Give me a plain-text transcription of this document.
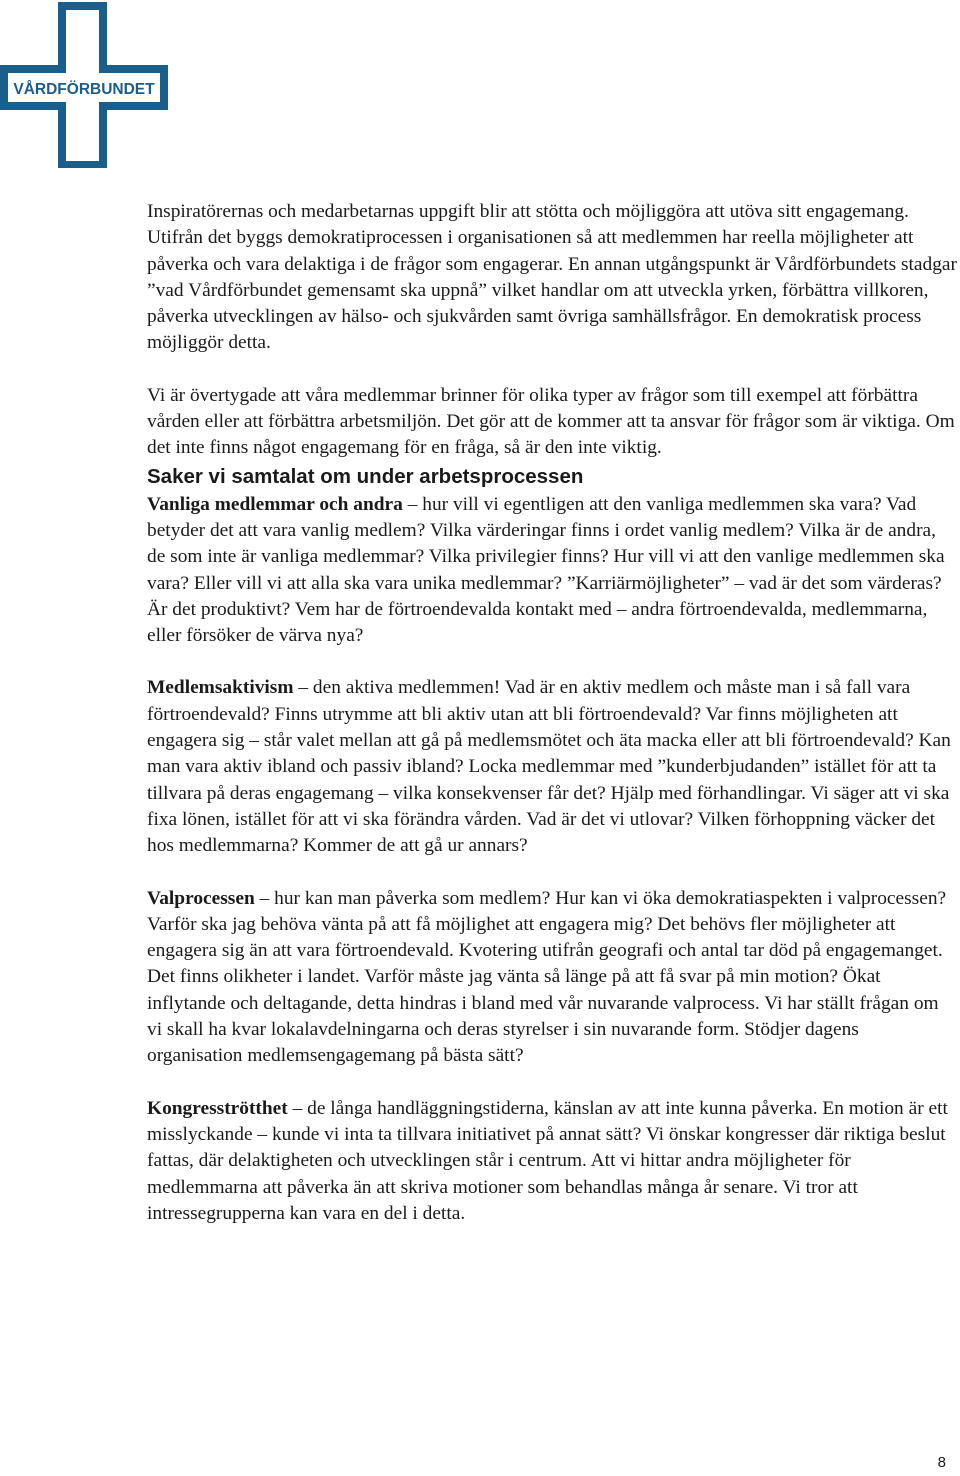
VÅRDFÖRBUNDET

Inspiratörernas och medarbetarnas uppgift blir att stötta och möjliggöra att utöva sitt engagemang. Utifrån det byggs demokratiprocessen i organisationen så att medlemmen har reella möjligheter att påverka och vara delaktiga i de frågor som engagerar. En annan utgångspunkt är Vårdförbundets stadgar ”vad Vårdförbundet gemensamt ska uppnå” vilket handlar om att utveckla yrken, förbättra villkoren, påverka utvecklingen av hälso- och sjukvården samt övriga samhällsfrågor. En demokratisk process möjliggör detta.

Vi är övertygade att våra medlemmar brinner för olika typer av frågor som till exempel att förbättra vården eller att förbättra arbetsmiljön. Det gör att de kommer att ta ansvar för frågor som är viktiga. Om det inte finns något engagemang för en fråga, så är den inte viktig.

Saker vi samtalat om under arbetsprocessen

Vanliga medlemmar och andra – hur vill vi egentligen att den vanliga medlemmen ska vara? Vad betyder det att vara vanlig medlem? Vilka värderingar finns i ordet vanlig medlem? Vilka är de andra, de som inte är vanliga medlemmar? Vilka privilegier finns? Hur vill vi att den vanlige medlemmen ska vara? Eller vill vi att alla ska vara unika medlemmar? ”Karriärmöjligheter” – vad är det som värderas? Är det produktivt? Vem har de förtroendevalda kontakt med – andra förtroendevalda, medlemmarna, eller försöker de värva nya?

Medlemsaktivism – den aktiva medlemmen! Vad är en aktiv medlem och måste man i så fall vara förtroendevald? Finns utrymme att bli aktiv utan att bli förtroendevald? Var finns möjligheten att engagera sig – står valet mellan att gå på medlemsmötet och äta macka eller att bli förtroendevald? Kan man vara aktiv ibland och passiv ibland? Locka medlemmar med ”kunderbjudanden” istället för att ta tillvara på deras engagemang – vilka konsekvenser får det? Hjälp med förhandlingar. Vi säger att vi ska fixa lönen, istället för att vi ska förändra vården. Vad är det vi utlovar? Vilken förhoppning väcker det hos medlemmarna? Kommer de att gå ur annars?

Valprocessen – hur kan man påverka som medlem? Hur kan vi öka demokratiaspekten i valprocessen? Varför ska jag behöva vänta på att få möjlighet att engagera mig? Det behövs fler möjligheter att engagera sig än att vara förtroendevald. Kvotering utifrån geografi och antal tar död på engagemanget. Det finns olikheter i landet. Varför måste jag vänta så länge på att få svar på min motion? Ökat inflytande och deltagande, detta hindras i bland med vår nuvarande valprocess. Vi har ställt frågan om vi skall ha kvar lokalavdelningarna och deras styrelser i sin nuvarande form. Stödjer dagens organisation medlemsengagemang på bästa sätt?

Kongresströtthet – de långa handläggningstiderna, känslan av att inte kunna påverka. En motion är ett misslyckande – kunde vi inta ta tillvara initiativet på annat sätt? Vi önskar kongresser där riktiga beslut fattas, där delaktigheten och utvecklingen står i centrum. Att vi hittar andra möjligheter för medlemmarna att påverka än att skriva motioner som behandlas många år senare. Vi tror att intressegrupperna kan vara en del i detta.

8
